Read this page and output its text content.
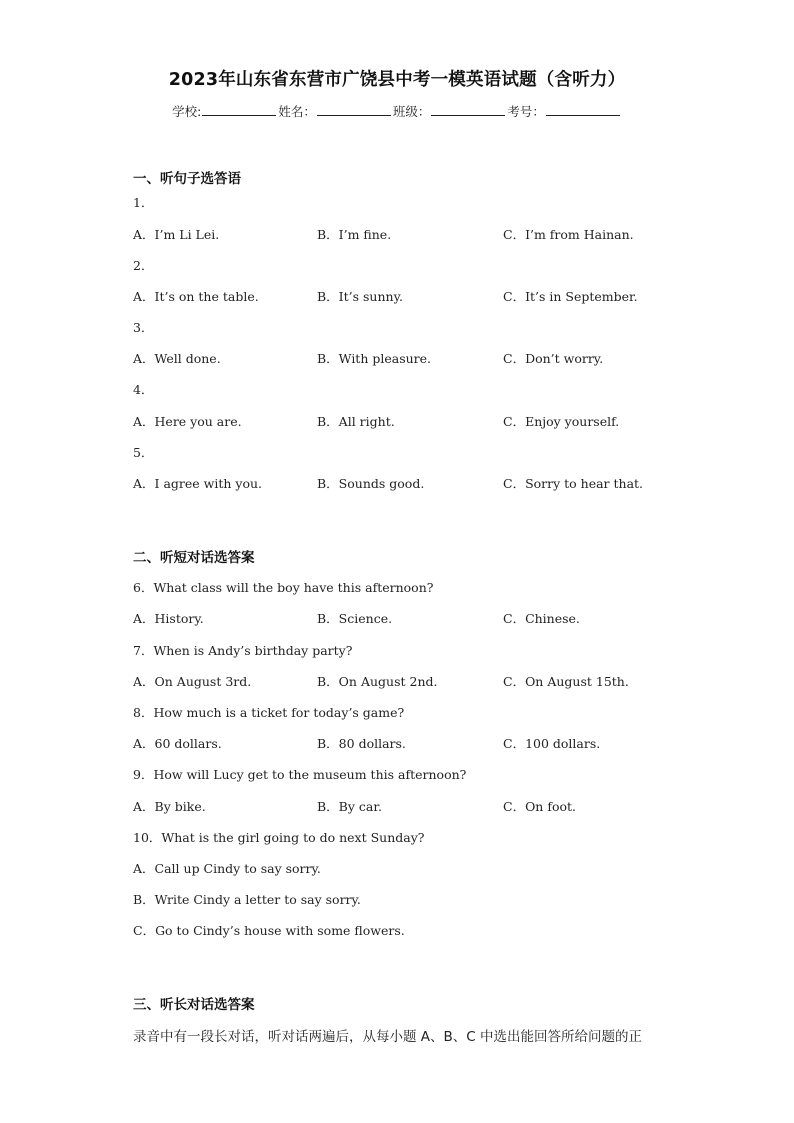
2023年山东省东营市广饶县中考一模英语试题（含听力）
学校:	姓名：	班级：	考号：
一、听句子选答语
1．
A．I’m Li Lei.	B．I’m fine.	C．I’m from Hainan.
2．
A．It’s on the table.	B．It’s sunny.	C．It’s in September.
3．
A．Well done.	B．With pleasure.	C．Don’t worry.
4．
A．Here you are.	B．All right.	C．Enjoy yourself.
5．
A．I agree with you.	B．Sounds good.	C．Sorry to hear that.
二、听短对话选答案
6．What class will the boy have this afternoon?
A．History.	B．Science.	C．Chinese.
7．When is Andy’s birthday party?
A．On August 3rd.	B．On August 2nd.	C．On August 15th.
8．How much is a ticket for today’s game?
A．60 dollars.	B．80 dollars.	C．100 dollars.
9．How will Lucy get to the museum this afternoon?
A．By bike.	B．By car.	C．On foot.
10．What is the girl going to do next Sunday?
A．Call up Cindy to say sorry.
B．Write Cindy a letter to say sorry.
C．Go to Cindy’s house with some flowers.
三、听长对话选答案
录音中有一段长对话，听对话两遍后，从每小题 A、B、C 中选出能回答所给问题的正
